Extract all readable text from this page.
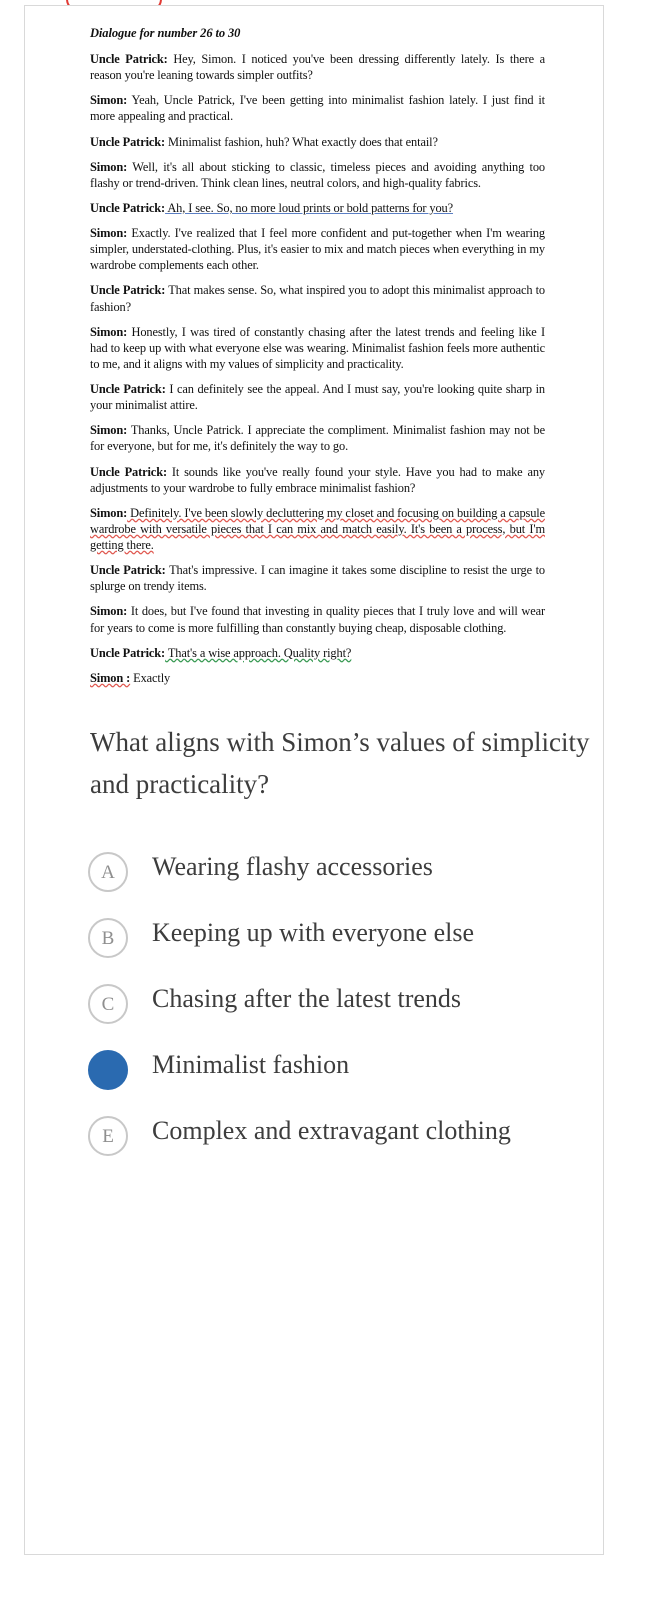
Dialogue for number 26 to 30

Uncle Patrick: Hey, Simon. I noticed you've been dressing differently lately. Is there a reason you're leaning towards simpler outfits?

Simon: Yeah, Uncle Patrick, I've been getting into minimalist fashion lately. I just find it more appealing and practical.

Uncle Patrick: Minimalist fashion, huh? What exactly does that entail?

Simon: Well, it's all about sticking to classic, timeless pieces and avoiding anything too flashy or trend-driven. Think clean lines, neutral colors, and high-quality fabrics.

Uncle Patrick: Ah, I see. So, no more loud prints or bold patterns for you?

Simon: Exactly. I've realized that I feel more confident and put-together when I'm wearing simpler, understated-clothing. Plus, it's easier to mix and match pieces when everything in my wardrobe complements each other.

Uncle Patrick: That makes sense. So, what inspired you to adopt this minimalist approach to fashion?

Simon: Honestly, I was tired of constantly chasing after the latest trends and feeling like I had to keep up with what everyone else was wearing. Minimalist fashion feels more authentic to me, and it aligns with my values of simplicity and practicality.

Uncle Patrick: I can definitely see the appeal. And I must say, you're looking quite sharp in your minimalist attire.

Simon: Thanks, Uncle Patrick. I appreciate the compliment. Minimalist fashion may not be for everyone, but for me, it's definitely the way to go.

Uncle Patrick: It sounds like you've really found your style. Have you had to make any adjustments to your wardrobe to fully embrace minimalist fashion?

Simon: Definitely. I've been slowly decluttering my closet and focusing on building a capsule wardrobe with versatile pieces that I can mix and match easily. It's been a process, but I'm getting there.

Uncle Patrick: That's impressive. I can imagine it takes some discipline to resist the urge to splurge on trendy items.

Simon: It does, but I've found that investing in quality pieces that I truly love and will wear for years to come is more fulfilling than constantly buying cheap, disposable clothing.

Uncle Patrick: That's a wise approach. Quality right?

Simon : Exactly

What aligns with Simon’s values of simplicity and practicality?
A	Wearing flashy accessories
B	Keeping up with everyone else
C	Chasing after the latest trends
Minimalist fashion
E	Complex and extravagant clothing
